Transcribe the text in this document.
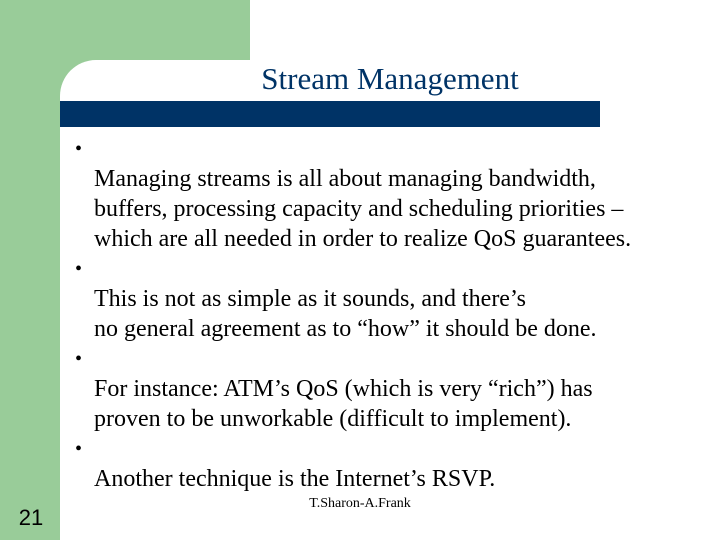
Stream Management

•
Managing streams is all about managing bandwidth,
buffers, processing capacity and scheduling priorities –
which are all needed in order to realize QoS guarantees.

•
This is not as simple as it sounds, and there’s
no general agreement as to “how” it should be done.

•
For instance: ATM’s QoS (which is very “rich”) has
proven to be unworkable (difficult to implement).

•
Another technique is the Internet’s RSVP.

21
T.Sharon-A.Frank
